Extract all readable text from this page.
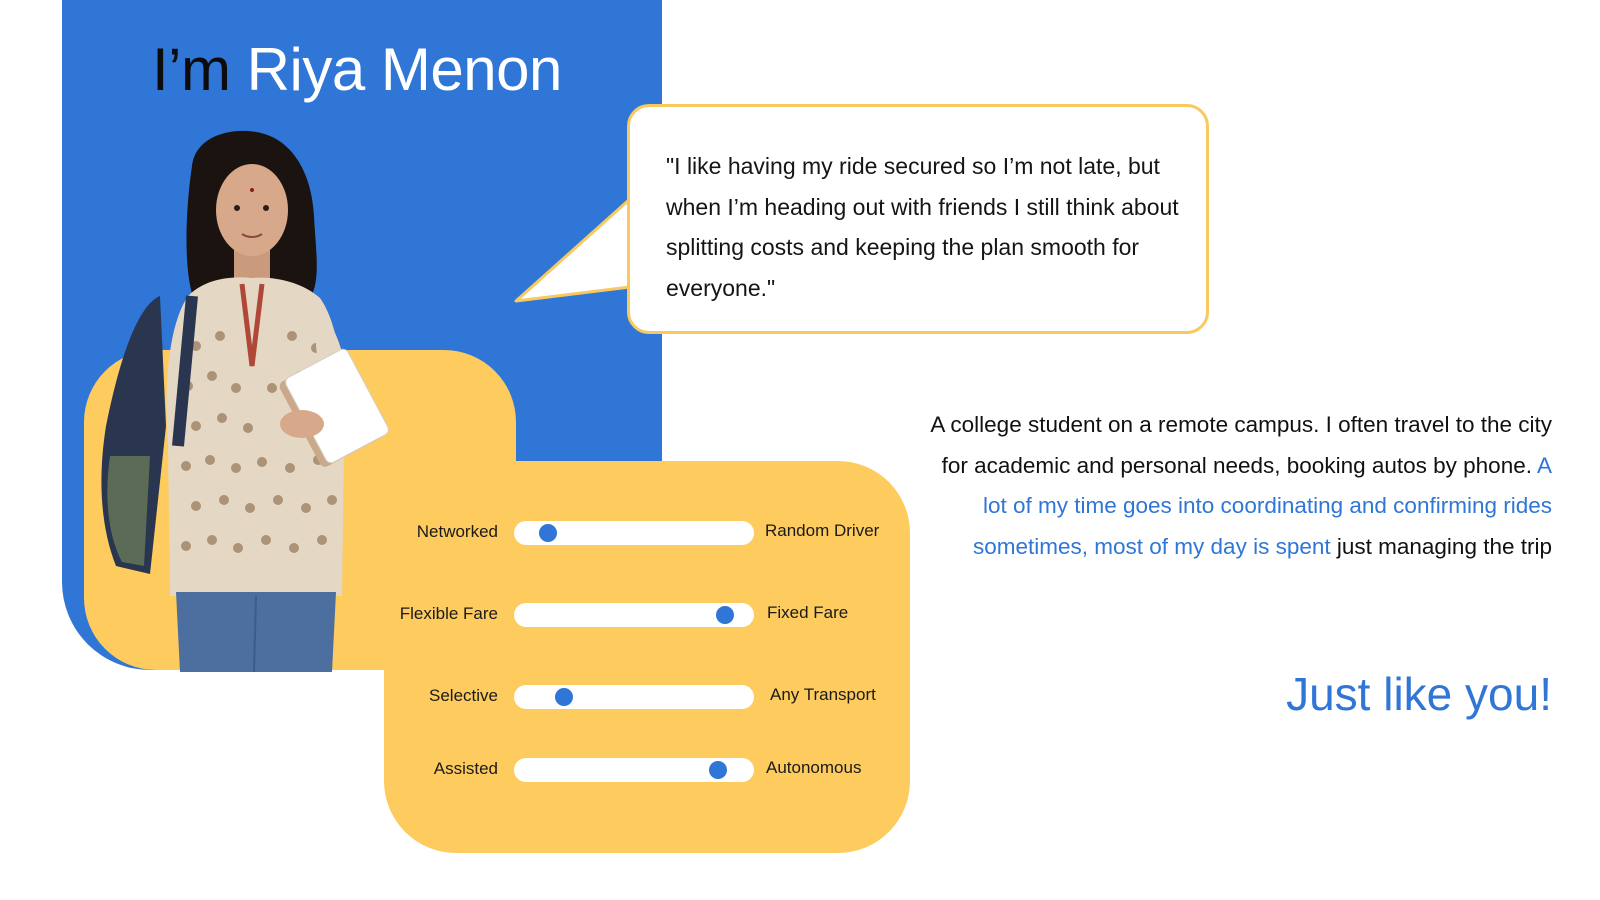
I’m Riya Menon

"I like having my ride secured so I’m not late, but when I’m heading out with friends I still think about splitting costs and keeping the plan smooth for everyone."

Networked	Random Driver
Flexible Fare	Fixed Fare
Selective	Any Transport
Assisted	Autonomous

A college student on a remote campus. I often travel to the city for academic and personal needs, booking autos by phone. A lot of my time goes into coordinating and confirming rides sometimes, most of my day is spent just managing the trip

Just like you!
